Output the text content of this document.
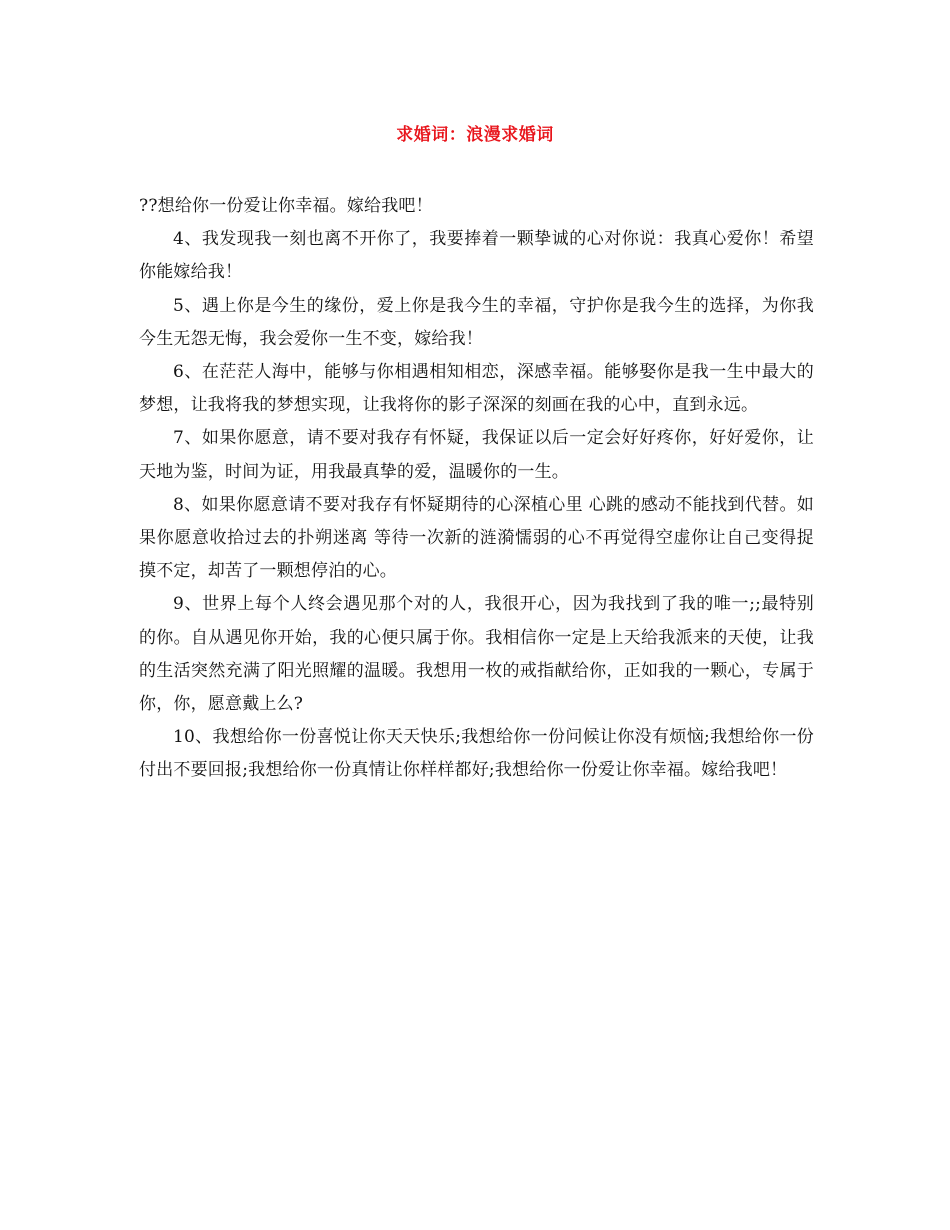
求婚词：浪漫求婚词

??想给你一份爱让你幸福。嫁给我吧！

4、我发现我一刻也离不开你了，我要捧着一颗挚诚的心对你说：我真心爱你！希望你能嫁给我！

5、遇上你是今生的缘份，爱上你是我今生的幸福，守护你是我今生的选择，为你我今生无怨无悔，我会爱你一生不变，嫁给我！

6、在茫茫人海中，能够与你相遇相知相恋，深感幸福。能够娶你是我一生中最大的梦想，让我将我的梦想实现，让我将你的影子深深的刻画在我的心中，直到永远。

7、如果你愿意，请不要对我存有怀疑，我保证以后一定会好好疼你，好好爱你，让天地为鉴，时间为证，用我最真挚的爱，温暖你的一生。

8、如果你愿意请不要对我存有怀疑期待的心深植心里 心跳的感动不能找到代替。如果你愿意收拾过去的扑朔迷离 等待一次新的涟漪懦弱的心不再觉得空虚你让自己变得捉摸不定，却苦了一颗想停泊的心。

9、世界上每个人终会遇见那个对的人，我很开心，因为我找到了我的唯一;;最特别的你。自从遇见你开始，我的心便只属于你。我相信你一定是上天给我派来的天使，让我的生活突然充满了阳光照耀的温暖。我想用一枚的戒指献给你，正如我的一颗心，专属于你，你，愿意戴上么?

10、我想给你一份喜悦让你天天快乐;我想给你一份问候让你没有烦恼;我想给你一份付出不要回报;我想给你一份真情让你样样都好;我想给你一份爱让你幸福。嫁给我吧！
